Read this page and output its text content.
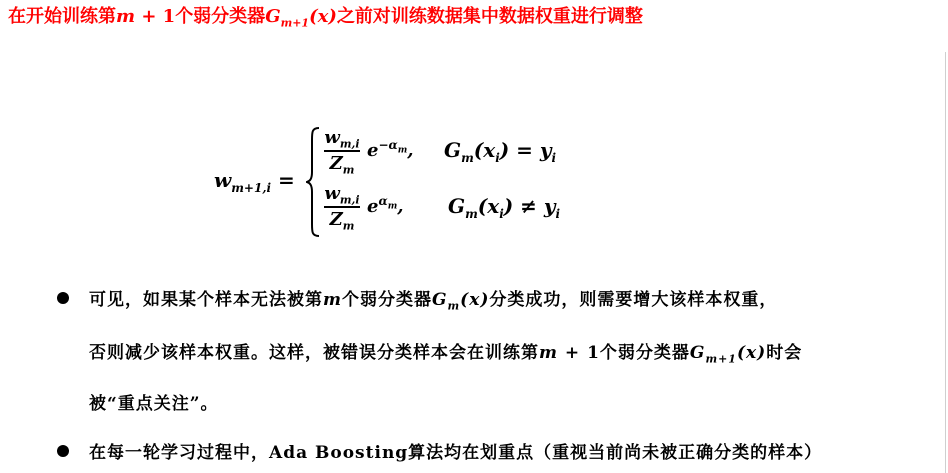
在开始训练第m + 1个弱分类器$G_{m+1}(x)$之前对训练数据集中数据权重进行调整
$w_{m+1,i}$ =
$w_{m,i}$
$Z_m$
$e^{-\alpha_m}$, $G_m(x_i) = y_i$
$w_{m,i}$
$Z_m$
$e^{\alpha_m}$, $G_m(x_i) \ne y_i$
可见，如果某个样本无法被第m个弱分类器$G_m(x)$分类成功，则需要增大该样本权重，
否则减少该样本权重。这样，被错误分类样本会在训练第m + 1个弱分类器$G_{m+1}(x)$时会
被“重点关注”。
在每一轮学习过程中，Ada Boosting算法均在划重点（重视当前尚未被正确分类的样本）
